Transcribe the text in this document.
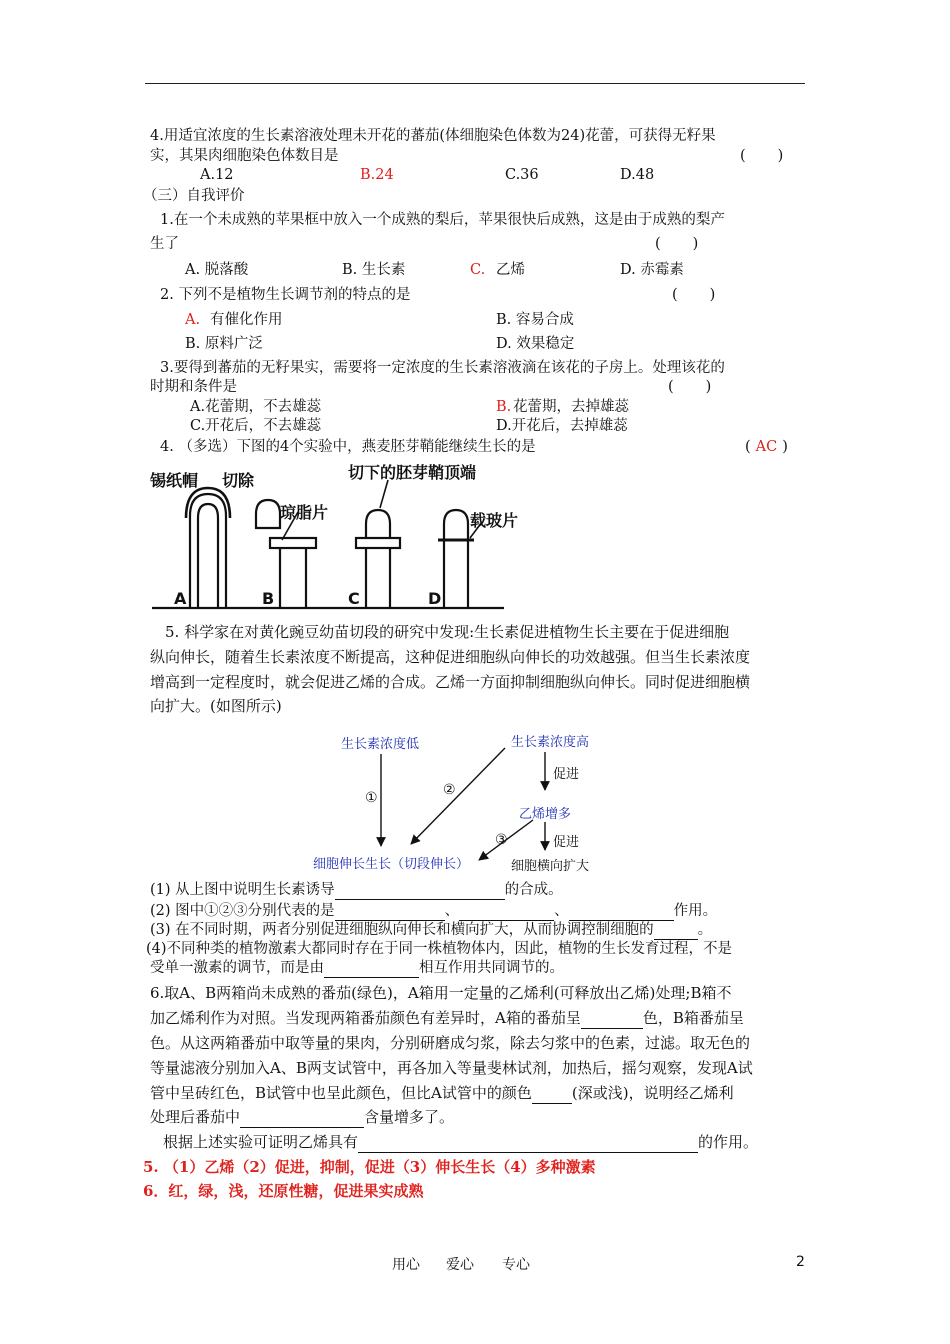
4.用适宜浓度的生长素溶液处理未开花的蕃茄(体细胞染色体数为24)花蕾，可获得无籽果
实，其果肉细胞染色体数目是	(　　)
A.12	B.24	C.36	D.48
（三）自我评价
1.在一个未成熟的苹果框中放入一个成熟的梨后，苹果很快后成熟，这是由于成熟的梨产
生了	(　　)
A. 脱落酸	B. 生长素	C. 乙烯	D. 赤霉素
2. 下列不是植物生长调节剂的特点的是	(　　)
A. 有催化作用	B. 容易合成
B. 原料广泛	D. 效果稳定
3.要得到蕃茄的无籽果实，需要将一定浓度的生长素溶液滴在该花的子房上。处理该花的
时期和条件是	(　　)
A.花蕾期，不去雄蕊	B. 花蕾期，去掉雄蕊
C.开花后，不去雄蕊	D.开花后，去掉雄蕊
4. （多选）下图的4个实验中，燕麦胚芽鞘能继续生长的是	( AC )
锡纸帽 切除	切下的胚芽鞘顶端
琼脂片	载玻片
A	B	C	D
5. 科学家在对黄化豌豆幼苗切段的研究中发现:生长素促进植物生长主要在于促进细胞
纵向伸长，随着生长素浓度不断提高，这种促进细胞纵向伸长的功效越强。但当生长素浓度
增高到一定程度时，就会促进乙烯的合成。乙烯一方面抑制细胞纵向伸长。同时促进细胞横
向扩大。(如图所示)
生长素浓度低	生长素浓度高
乙烯增多
细胞伸长生长（切段伸长）
促进
促进
细胞横向扩大
①	②
③
(1) 从上图中说明生长素诱导	的合成。
(2) 图中①②③分别代表的是	、	、	作用。
(3) 在不同时期，两者分别促进细胞纵向伸长和横向扩大，从而协调控制细胞的	。
(4)不同种类的植物激素大都同时存在于同一株植物体内，因此，植物的生长发育过程，不是
受单一激素的调节，而是由	相互作用共同调节的。
6.取A、B两箱尚未成熟的番茄(绿色)，A箱用一定量的乙烯利(可释放出乙烯)处理;B箱不
加乙烯利作为对照。当发现两箱番茄颜色有差异时，A箱的番茄呈	色，B箱番茄呈
色。从这两箱番茄中取等量的果肉，分别研磨成匀浆，除去匀浆中的色素，过滤。取无色的
等量滤液分别加入A、B两支试管中，再各加入等量斐林试剂，加热后，摇匀观察，发现A试
管中呈砖红色，B试管中也呈此颜色，但比A试管中的颜色	(深或浅)，说明经乙烯利
处理后番茄中	含量增多了。
根据上述实验可证明乙烯具有	的作用。
5. （1）乙烯（2）促进，抑制，促进（3）伸长生长（4）多种激素
6．红，绿，浅，还原性糖，促进果实成熟
用心 爱心 专心	2
